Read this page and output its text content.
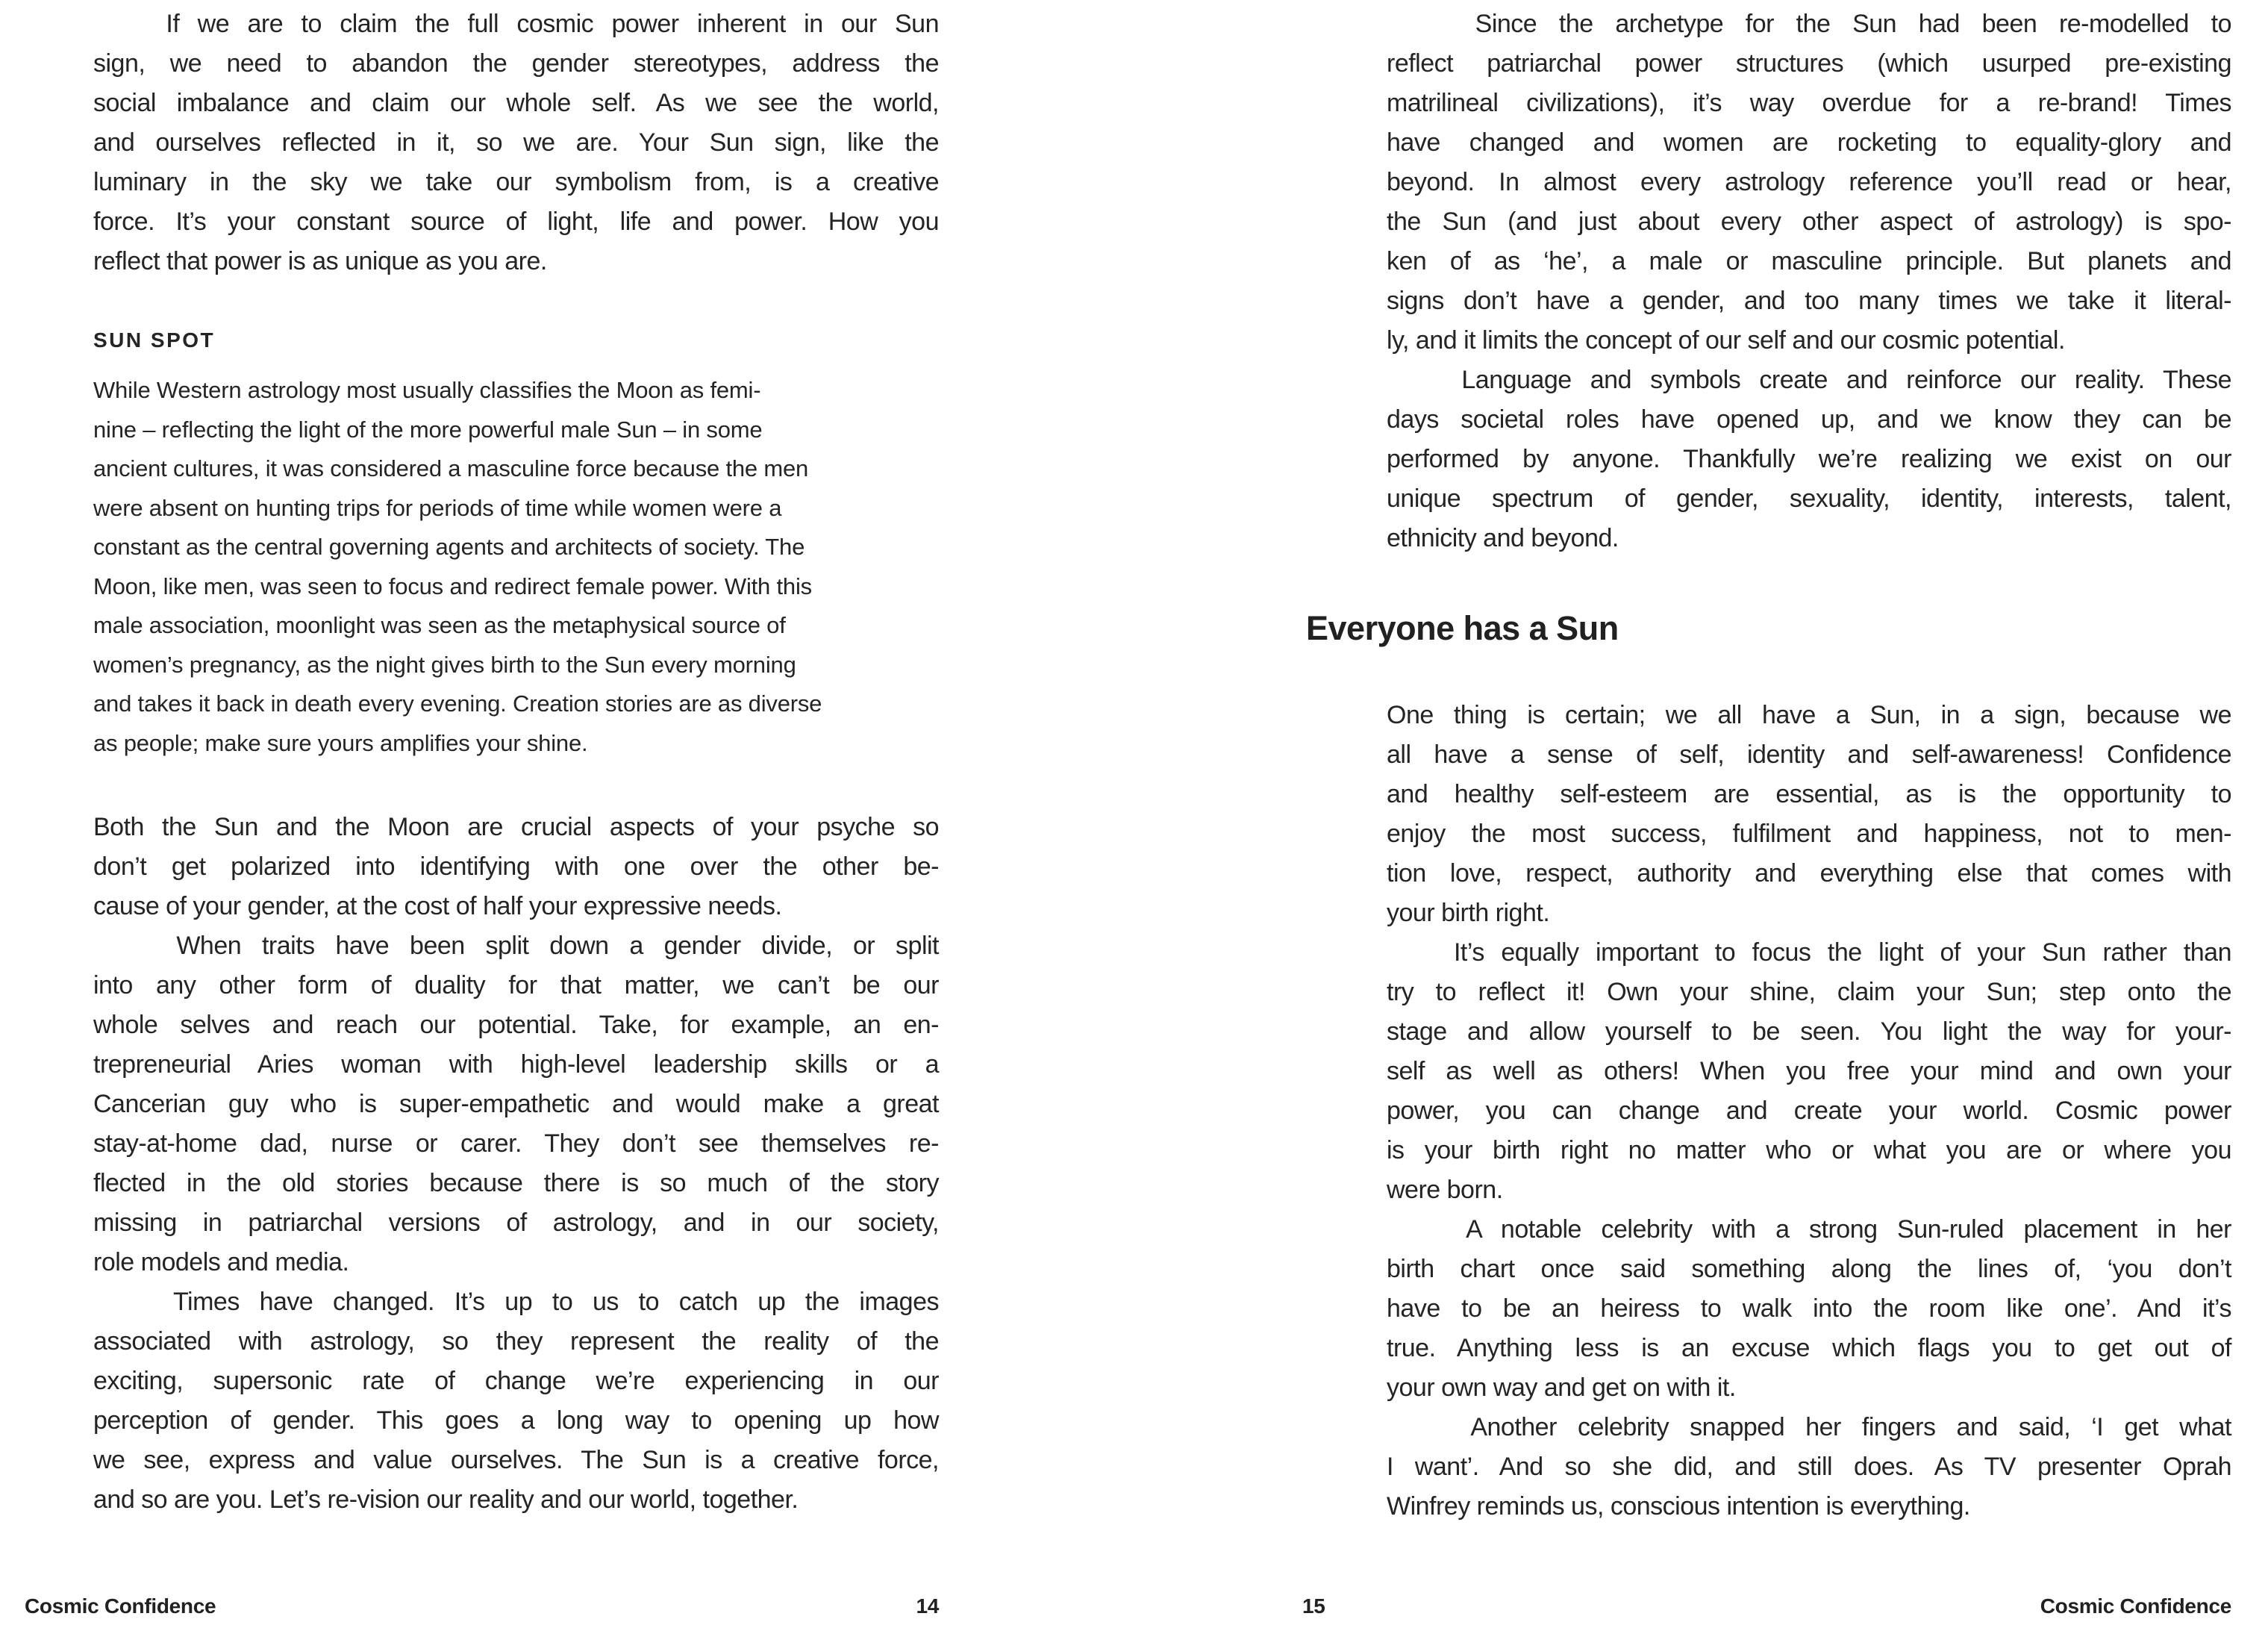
If we are to claim the full cosmic power inherent in our Sun
sign, we need to abandon the gender stereotypes, address the
social imbalance and claim our whole self. As we see the world,
and ourselves reflected in it, so we are. Your Sun sign, like the
luminary in the sky we take our symbolism from, is a creative
force. It’s your constant source of light, life and power. How you
reflect that power is as unique as you are.
SUN SPOT
While Western astrology most usually classifies the Moon as femi-
nine – reflecting the light of the more powerful male Sun – in some
ancient cultures, it was considered a masculine force because the men
were absent on hunting trips for periods of time while women were a
constant as the central governing agents and architects of society. The
Moon, like men, was seen to focus and redirect female power. With this
male association, moonlight was seen as the metaphysical source of
women’s pregnancy, as the night gives birth to the Sun every morning
and takes it back in death every evening. Creation stories are as diverse
as people; make sure yours amplifies your shine.
Both the Sun and the Moon are crucial aspects of your psyche so
don’t get polarized into identifying with one over the other be-
cause of your gender, at the cost of half your expressive needs.
When traits have been split down a gender divide, or split
into any other form of duality for that matter, we can’t be our
whole selves and reach our potential. Take, for example, an en-
trepreneurial Aries woman with high-level leadership skills or a
Cancerian guy who is super-empathetic and would make a great
stay-at-home dad, nurse or carer. They don’t see themselves re-
flected in the old stories because there is so much of the story
missing in patriarchal versions of astrology, and in our society,
role models and media.
Times have changed. It’s up to us to catch up the images
associated with astrology, so they represent the reality of the
exciting, supersonic rate of change we’re experiencing in our
perception of gender. This goes a long way to opening up how
we see, express and value ourselves. The Sun is a creative force,
and so are you. Let’s re-vision our reality and our world, together.
Cosmic Confidence	14
Since the archetype for the Sun had been re-modelled to
reflect patriarchal power structures (which usurped pre-existing
matrilineal civilizations), it’s way overdue for a re-brand! Times
have changed and women are rocketing to equality-glory and
beyond. In almost every astrology reference you’ll read or hear,
the Sun (and just about every other aspect of astrology) is spo-
ken of as ‘he’, a male or masculine principle. But planets and
signs don’t have a gender, and too many times we take it literal-
ly, and it limits the concept of our self and our cosmic potential.
Language and symbols create and reinforce our reality. These
days societal roles have opened up, and we know they can be
performed by anyone. Thankfully we’re realizing we exist on our
unique spectrum of gender, sexuality, identity, interests, talent,
ethnicity and beyond.
Everyone has a Sun
One thing is certain; we all have a Sun, in a sign, because we
all have a sense of self, identity and self-awareness! Confidence
and healthy self-esteem are essential, as is the opportunity to
enjoy the most success, fulfilment and happiness, not to men-
tion love, respect, authority and everything else that comes with
your birth right.
It’s equally important to focus the light of your Sun rather than
try to reflect it! Own your shine, claim your Sun; step onto the
stage and allow yourself to be seen. You light the way for your-
self as well as others! When you free your mind and own your
power, you can change and create your world. Cosmic power
is your birth right no matter who or what you are or where you
were born.
A notable celebrity with a strong Sun-ruled placement in her
birth chart once said something along the lines of, ‘you don’t
have to be an heiress to walk into the room like one’. And it’s
true. Anything less is an excuse which flags you to get out of
your own way and get on with it.
Another celebrity snapped her fingers and said, ‘I get what
I want’. And so she did, and still does. As TV presenter Oprah
Winfrey reminds us, conscious intention is everything.
15	Cosmic Confidence
